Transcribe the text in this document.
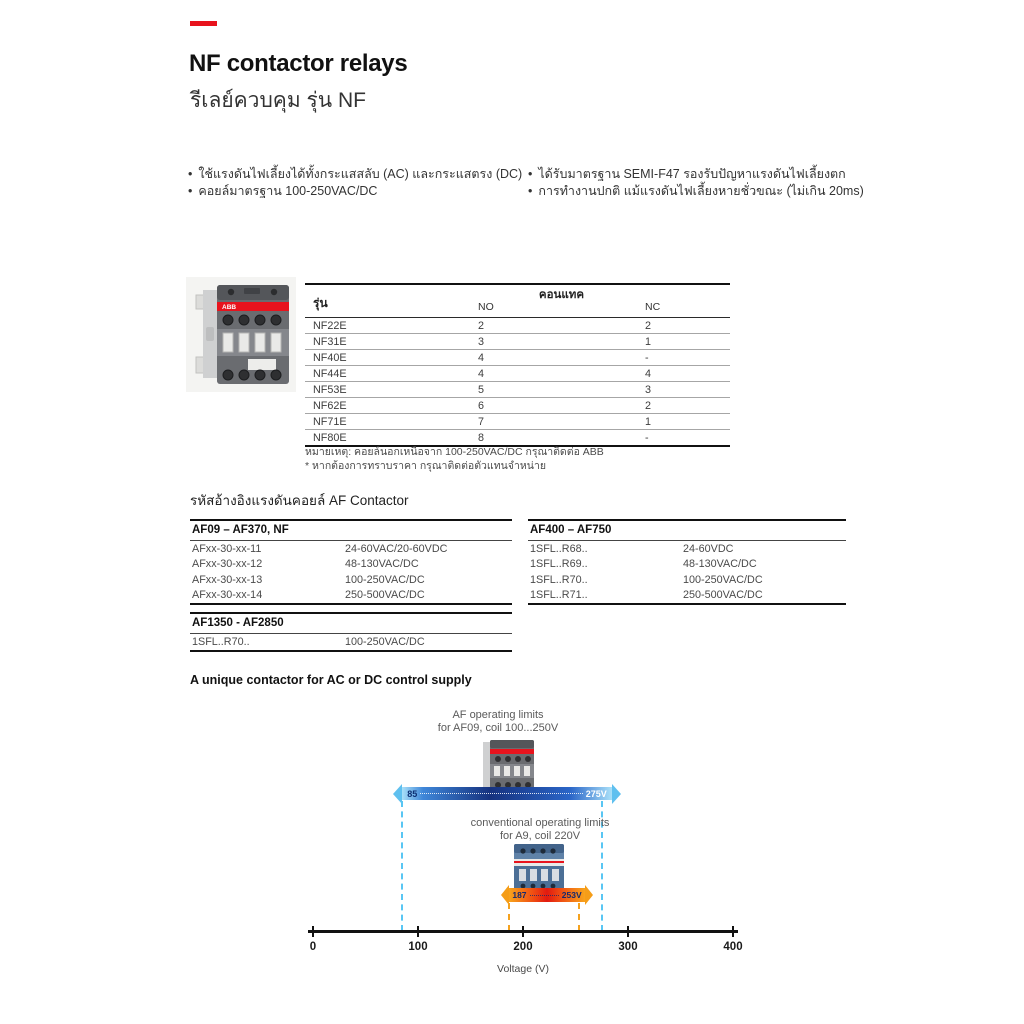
NF contactor relays
รีเลย์ควบคุม รุ่น NF
• ใช้แรงดันไฟเลี้ยงได้ทั้งกระแสสลับ (AC) และกระแสตรง (DC)
• คอยล์มาตรฐาน 100-250VAC/DC
• ได้รับมาตรฐาน SEMI-F47 รองรับปัญหาแรงดันไฟเลี้ยงตก
• การทำงานปกติ แม้แรงดันไฟเลี้ยงหายชั่วขณะ (ไม่เกิน 20ms)
ABB	รุ่น
คอนแทค
NO	NC
NF22E	2	2
NF31E	3	1
NF40E	4	-
NF44E	4	4
NF53E	5	3
NF62E	6	2
NF71E	7	1
NF80E	8	-
หมายเหตุ: คอยล์นอกเหนือจาก 100-250VAC/DC กรุณาติดต่อ ABB
* หากต้องการทราบราคา กรุณาติดต่อตัวแทนจำหน่าย
รหัสอ้างอิงแรงดันคอยล์ AF Contactor
AF09 – AF370, NF
AFxx-30-xx-11	24-60VAC/20-60VDC
AFxx-30-xx-12	48-130VAC/DC
AFxx-30-xx-13	100-250VAC/DC
AFxx-30-xx-14	250-500VAC/DC
AF400 – AF750
1SFL..R68..	24-60VDC
1SFL..R69..	48-130VAC/DC
1SFL..R70..	100-250VAC/DC
1SFL..R71..	250-500VAC/DC
AF1350 - AF2850
1SFL..R70..	100-250VAC/DC
A unique contactor for AC or DC control supply
AF operating limits
for AF09, coil 100...250V
85	275V
conventional operating limits
for A9, coil 220V
187	253V
0	100	200	300	400
Voltage (V)
